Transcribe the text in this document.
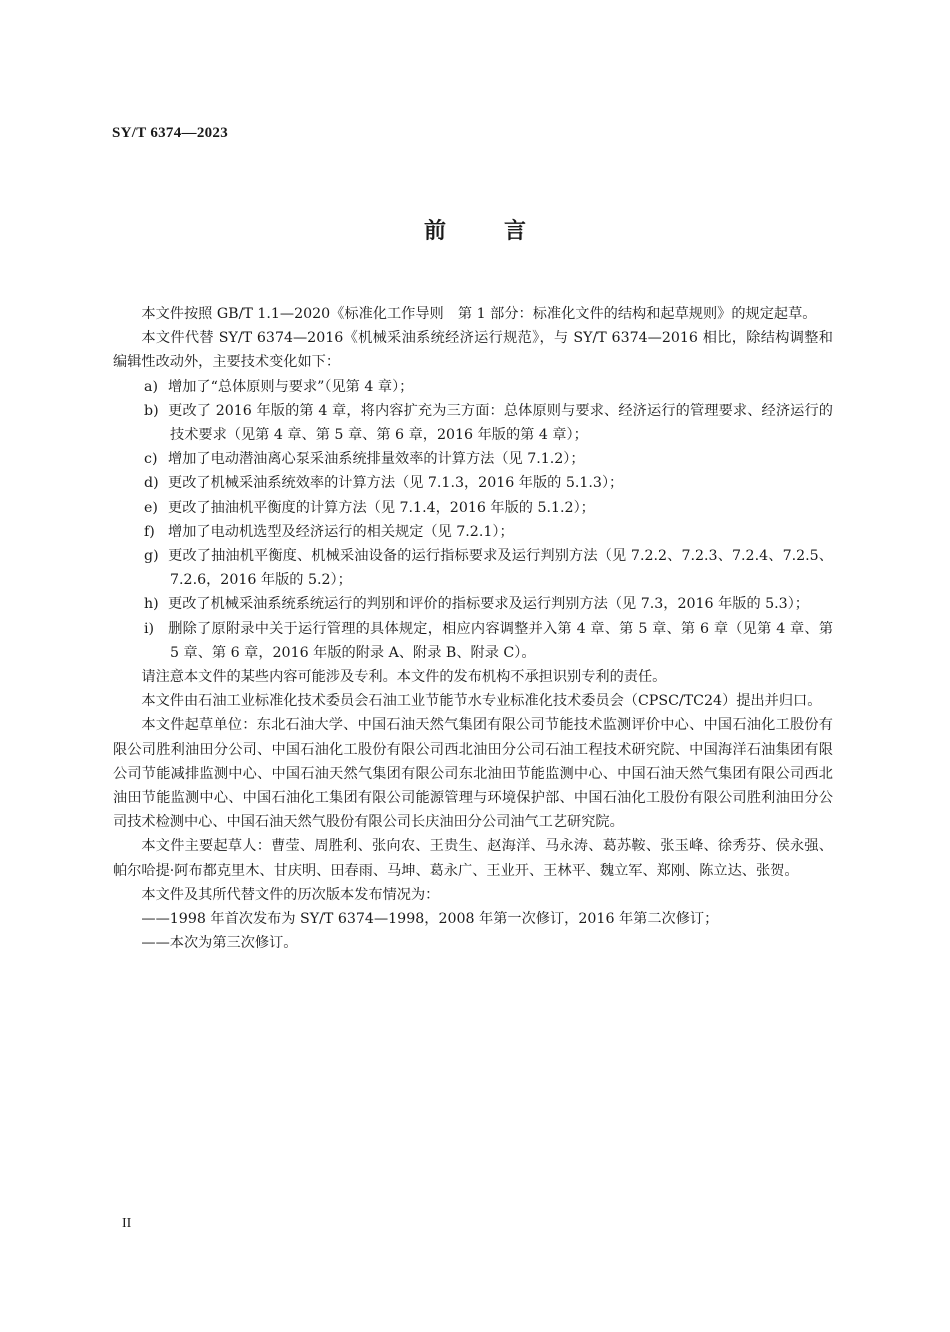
SY/T 6374—2023
前	言

本文件按照 GB/T 1.1—2020《标准化工作导则　第 1 部分：标准化文件的结构和起草规则》的规定起草。

本文件代替 SY/T 6374—2016《机械采油系统经济运行规范》，与 SY/T 6374—2016 相比，除结构调整和编辑性改动外，主要技术变化如下：

a) 增加了“总体原则与要求”（见第 4 章）；
b) 更改了 2016 年版的第 4 章，将内容扩充为三方面：总体原则与要求、经济运行的管理要求、经济运行的技术要求（见第 4 章、第 5 章、第 6 章，2016 年版的第 4 章）；
c) 增加了电动潜油离心泵采油系统排量效率的计算方法（见 7.1.2）；
d) 更改了机械采油系统效率的计算方法（见 7.1.3，2016 年版的 5.1.3）；
e) 更改了抽油机平衡度的计算方法（见 7.1.4，2016 年版的 5.1.2）；
f) 增加了电动机选型及经济运行的相关规定（见 7.2.1）；
g) 更改了抽油机平衡度、机械采油设备的运行指标要求及运行判别方法（见 7.2.2、7.2.3、7.2.4、7.2.5、7.2.6，2016 年版的 5.2）；
h) 更改了机械采油系统系统运行的判别和评价的指标要求及运行判别方法（见 7.3，2016 年版的 5.3）；
i) 删除了原附录中关于运行管理的具体规定，相应内容调整并入第 4 章、第 5 章、第 6 章（见第 4 章、第 5 章、第 6 章，2016 年版的附录 A、附录 B、附录 C）。

请注意本文件的某些内容可能涉及专利。本文件的发布机构不承担识别专利的责任。

本文件由石油工业标准化技术委员会石油工业节能节水专业标准化技术委员会（CPSC/TC24）提出并归口。

本文件起草单位：东北石油大学、中国石油天然气集团有限公司节能技术监测评价中心、中国石油化工股份有限公司胜利油田分公司、中国石油化工股份有限公司西北油田分公司石油工程技术研究院、中国海洋石油集团有限公司节能减排监测中心、中国石油天然气集团有限公司东北油田节能监测中心、中国石油天然气集团有限公司西北油田节能监测中心、中国石油化工集团有限公司能源管理与环境保护部、中国石油化工股份有限公司胜利油田分公司技术检测中心、中国石油天然气股份有限公司长庆油田分公司油气工艺研究院。

本文件主要起草人：曹莹、周胜利、张向农、王贵生、赵海洋、马永涛、葛苏鞍、张玉峰、徐秀芬、侯永强、帕尔哈提·阿布都克里木、甘庆明、田春雨、马坤、葛永广、王业开、王林平、魏立军、郑刚、陈立达、张贺。

本文件及其所代替文件的历次版本发布情况为：

——1998 年首次发布为 SY/T 6374—1998，2008 年第一次修订，2016 年第二次修订；

——本次为第三次修订。

II
